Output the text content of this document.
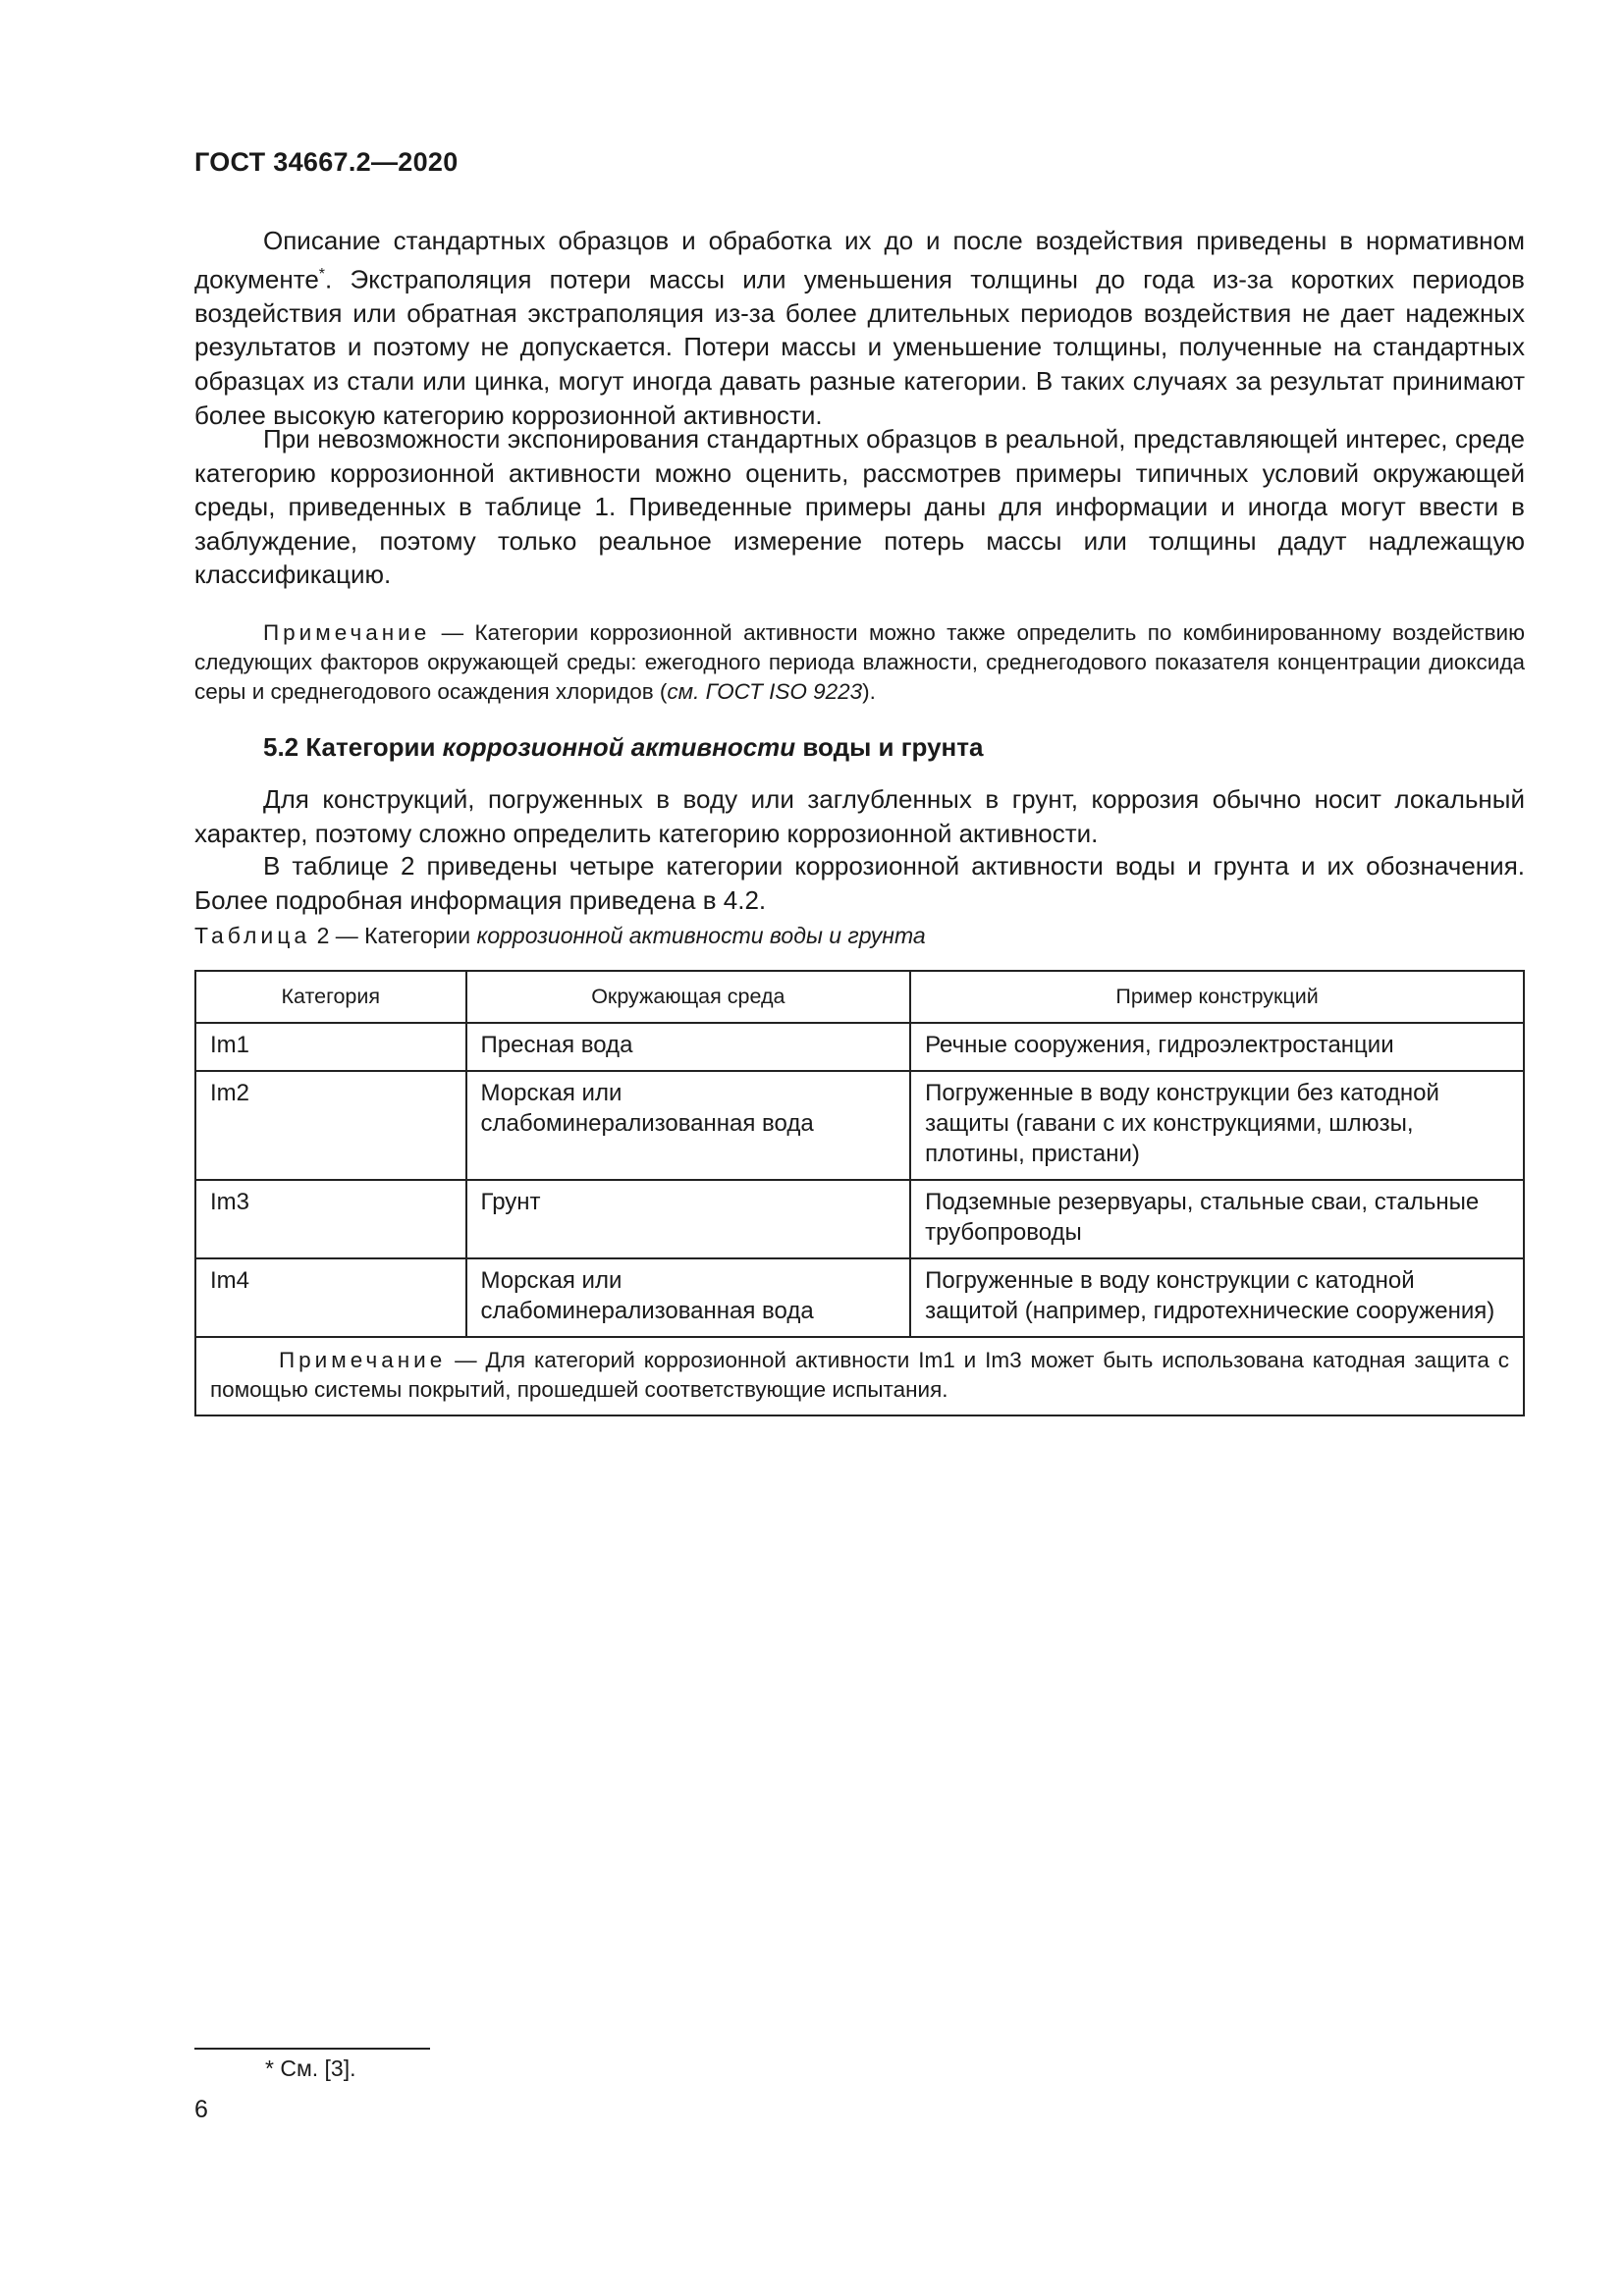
ГОСТ 34667.2—2020

Описание стандартных образцов и обработка их до и после воздействия приведены в нормативном документе*. Экстраполяция потери массы или уменьшения толщины до года из-за коротких периодов воздействия или обратная экстраполяция из-за более длительных периодов воздействия не дает надежных результатов и поэтому не допускается. Потери массы и уменьшение толщины, полученные на стандартных образцах из стали или цинка, могут иногда давать разные категории. В таких случаях за результат принимают более высокую категорию коррозионной активности.

При невозможности экспонирования стандартных образцов в реальной, представляющей интерес, среде категорию коррозионной активности можно оценить, рассмотрев примеры типичных условий окружающей среды, приведенных в таблице 1. Приведенные примеры даны для информации и иногда могут ввести в заблуждение, поэтому только реальное измерение потерь массы или толщины дадут надлежащую классификацию.

Примечание — Категории коррозионной активности можно также определить по комбинированному воздействию следующих факторов окружающей среды: ежегодного периода влажности, среднегодового показателя концентрации диоксида серы и среднегодового осаждения хлоридов (см. ГОСТ ISO 9223).
5.2 Категории коррозионной активности воды и грунта

Для конструкций, погруженных в воду или заглубленных в грунт, коррозия обычно носит локальный характер, поэтому сложно определить категорию коррозионной активности.

В таблице 2 приведены четыре категории коррозионной активности воды и грунта и их обозначения. Более подробная информация приведена в 4.2.

Таблица 2 — Категории коррозионной активности воды и грунта
Категория	Окружающая среда	Пример конструкций
Im1	Пресная вода	Речные сооружения, гидроэлектростанции
Im2	Морская или слабоминерализованная вода	Погруженные в воду конструкции без катодной защиты (гавани с их конструкциями, шлюзы, плотины, пристани)
Im3	Грунт	Подземные резервуары, стальные сваи, стальные трубопроводы
Im4	Морская или слабоминерализованная вода	Погруженные в воду конструкции с катодной защитой (например, гидротехнические сооружения)

Примечание — Для категорий коррозионной активности Im1 и Im3 может быть использована катодная защита с помощью системы покрытий, прошедшей соответствующие испытания.		
* См. [3].
6
